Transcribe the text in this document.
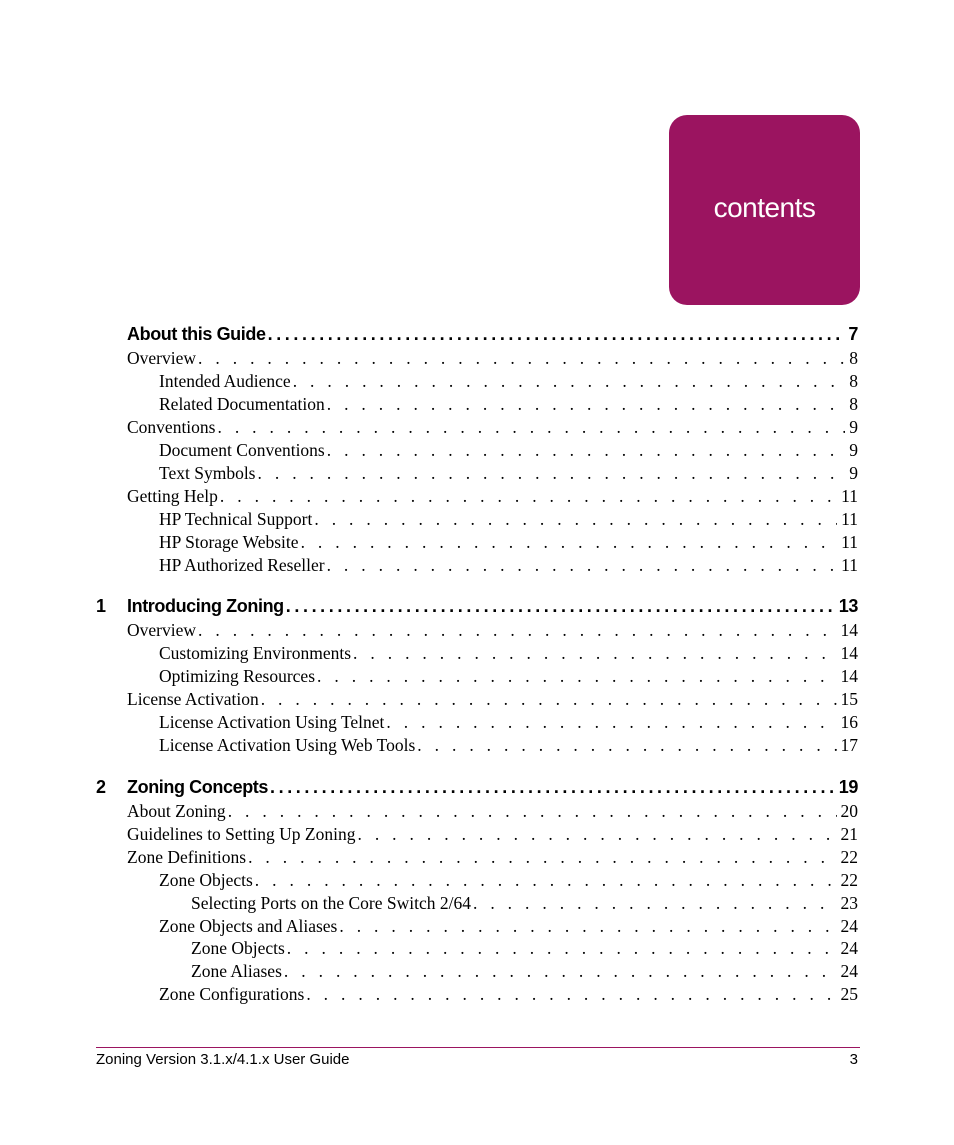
contents
About this Guide .....	7
Overview . . .	8
Intended Audience . . .	8
Related Documentation . . .	8
Conventions . . .	9
Document Conventions . . .	9
Text Symbols . . .	9
Getting Help . . .	11
HP Technical Support . . .	11
HP Storage Website . . .	11
HP Authorized Reseller . . .	11
1 Introducing Zoning .....	13
Overview . . .	14
Customizing Environments . . .	14
Optimizing Resources . . .	14
License Activation . . .	15
License Activation Using Telnet . . .	16
License Activation Using Web Tools . . .	17
2 Zoning Concepts .....	19
About Zoning . . .	20
Guidelines to Setting Up Zoning . . .	21
Zone Definitions . . .	22
Zone Objects . . .	22
Selecting Ports on the Core Switch 2/64 . . .	23
Zone Objects and Aliases . . .	24
Zone Objects . . .	24
Zone Aliases . . .	24
Zone Configurations . . .	25
Zoning Version 3.1.x/4.1.x User Guide	3
